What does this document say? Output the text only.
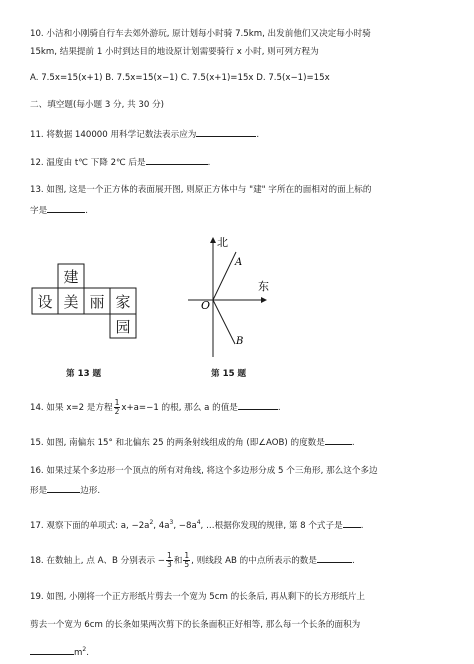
10. 小洁和小刚骑自行车去郊外游玩, 原计划每小时骑 7.5km, 出发前他们又决定每小时骑
15km, 结果提前 1 小时到达目的地设原计划需要骑行 x 小时, 则可列方程为
A. 7.5x=15(x+1) B. 7.5x=15(x−1) C. 7.5(x+1)=15x D. 7.5(x−1)=15x
二、填空题(每小题 3 分, 共 30 分)
11. 将数据 140000 用科学记数法表示应为	.
12. 温度由 t℃ 下降 2℃ 后是	.
13. 如图, 这是一个正方体的表面展开图, 则原正方体中与 "建" 字所在的面相对的面上标的
字是	.
建
设 美 丽 家
园
第 13 题
北
东
O
A
B
第 15 题
14. 如果 x=2 是方程 $\frac{1}{2} x+a=-1$ 的根, 那么 a 的值是	.
15. 如图, 南偏东 15° 和北偏东 25 的两条射线组成的角 (即∠AOB) 的度数是	.
16. 如果过某个多边形一个顶点的所有对角线, 将这个多边形分成 5 个三角形, 那么这个多边
形是	边形.
17. 观察下面的单项式: a, $-2a^2$, $4a^3$, $-8a^4$, …根据你发现的规律, 第 8 个式子是 .
18. 在数轴上, 点 A、B 分别表示 − $\frac{1}{3}$ 和 $\frac{1}{5}$ , 则线段 AB 的中点所表示的数是	.
19. 如图, 小刚将一个正方形纸片剪去一个宽为 5cm 的长条后, 再从剩下的长方形纸片上
剪去一个宽为 6cm 的长条如果两次剪下的长条面积正好相等, 那么每一个长条的面积为
$m^2$.
